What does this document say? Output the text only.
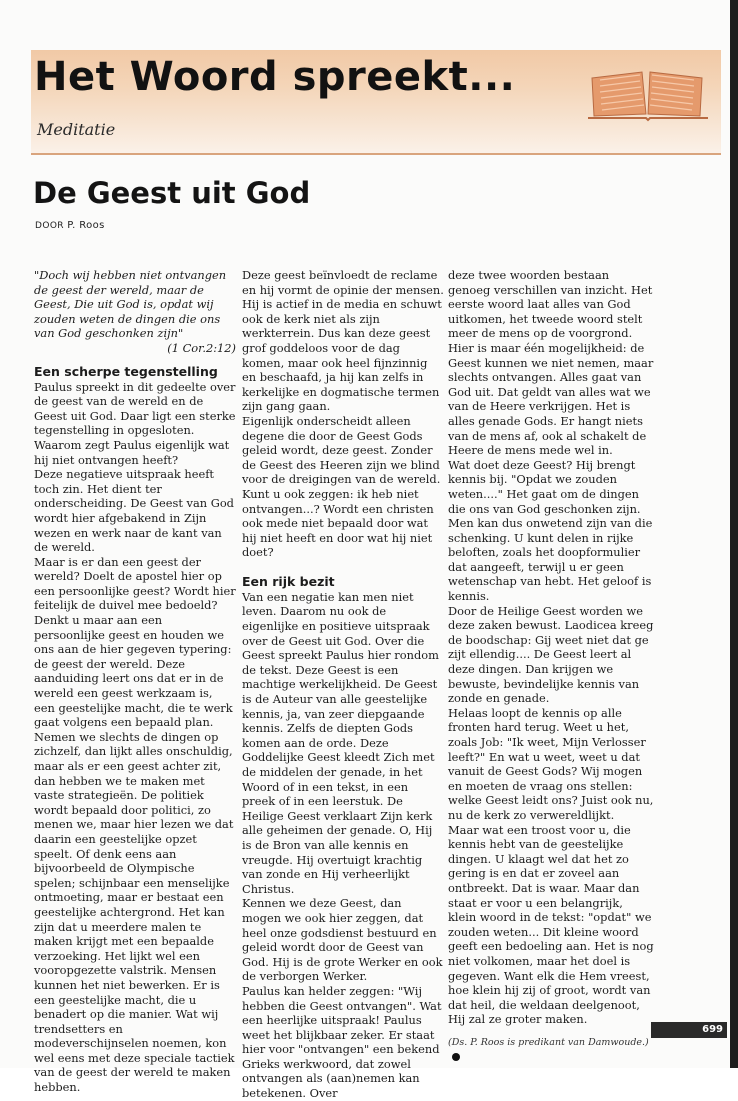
Het Woord spreekt...
Meditatie
De Geest uit God
DOOR P. Roos

"Doch wij hebben niet ontvangen de geest der wereld, maar de Geest, Die uit God is, opdat wij zouden weten de dingen die ons van God geschonken zijn"

(1 Cor.2:12)

Een scherpe tegenstelling

Paulus spreekt in dit gedeelte over de geest van de wereld en de Geest uit God. Daar ligt een sterke tegenstelling in opgesloten. Waarom zegt Paulus eigenlijk wat hij niet ontvangen heeft?

Deze negatieve uitspraak heeft toch zin. Het dient ter onderscheiding. De Geest van God wordt hier afgebakend in Zijn wezen en werk naar de kant van de wereld.

Maar is er dan een geest der wereld? Doelt de apostel hier op een persoonlijke geest? Wordt hier feitelijk de duivel mee bedoeld? Denkt u maar aan een persoonlijke geest en houden we ons aan de hier gegeven typering: de geest der wereld. Deze aanduiding leert ons dat er in de wereld een geest werkzaam is, een geestelijke macht, die te werk gaat volgens een bepaald plan. Nemen we slechts de dingen op zichzelf, dan lijkt alles onschuldig, maar als er een geest achter zit, dan hebben we te maken met vaste strategieën. De politiek wordt bepaald door politici, zo menen we, maar hier lezen we dat daarin een geestelijke opzet speelt. Of denk eens aan bijvoorbeeld de Olympische spelen; schijnbaar een menselijke ontmoeting, maar er bestaat een geestelijke achtergrond. Het kan zijn dat u meerdere malen te maken krijgt met een bepaalde verzoeking. Het lijkt wel een vooropgezette valstrik. Mensen kunnen het niet bewerken. Er is een geestelijke macht, die u benadert op die manier. Wat wij trendsetters en modeverschijnselen noemen, kon wel eens met deze speciale tactiek van de geest der wereld te maken hebben.

Deze geest beïnvloedt de reclame en hij vormt de opinie der mensen. Hij is actief in de media en schuwt ook de kerk niet als zijn werkterrein. Dus kan deze geest grof goddeloos voor de dag komen, maar ook heel fijnzinnig en beschaafd, ja hij kan zelfs in kerkelijke en dogmatische termen zijn gang gaan.

Eigenlijk onderscheidt alleen degene die door de Geest Gods geleid wordt, deze geest. Zonder de Geest des Heeren zijn we blind voor de dreigingen van de wereld.

Kunt u ook zeggen: ik heb niet ontvangen...? Wordt een christen ook mede niet bepaald door wat hij niet heeft en door wat hij niet doet?

Een rijk bezit

Van een negatie kan men niet leven. Daarom nu ook de eigenlijke en positieve uitspraak over de Geest uit God. Over die Geest spreekt Paulus hier rondom de tekst. Deze Geest is een machtige werkelijkheid. De Geest is de Auteur van alle geestelijke kennis, ja, van zeer diepgaande kennis. Zelfs de diepten Gods komen aan de orde. Deze Goddelijke Geest kleedt Zich met de middelen der genade, in het Woord of in een tekst, in een preek of in een leerstuk. De Heilige Geest verklaart Zijn kerk alle geheimen der genade. O, Hij is de Bron van alle kennis en vreugde. Hij overtuigt krachtig van zonde en Hij verheerlijkt Christus.

Kennen we deze Geest, dan mogen we ook hier zeggen, dat heel onze godsdienst bestuurd en geleid wordt door de Geest van God. Hij is de grote Werker en ook de verborgen Werker.

Paulus kan helder zeggen: "Wij hebben die Geest ontvangen". Wat een heerlijke uitspraak! Paulus weet het blijkbaar zeker. Er staat hier voor "ontvangen" een bekend Grieks werkwoord, dat zowel ontvangen als (aan)nemen kan betekenen. Over

deze twee woorden bestaan genoeg verschillen van inzicht. Het eerste woord laat alles van God uitkomen, het tweede woord stelt meer de mens op de voorgrond. Hier is maar één mogelijkheid: de Geest kunnen we niet nemen, maar slechts ontvangen. Alles gaat van God uit. Dat geldt van alles wat we van de Heere verkrijgen. Het is alles genade Gods. Er hangt niets van de mens af, ook al schakelt de Heere de mens mede wel in.

Wat doet deze Geest? Hij brengt kennis bij. "Opdat we zouden weten...." Het gaat om de dingen die ons van God geschonken zijn. Men kan dus onwetend zijn van die schenking. U kunt delen in rijke beloften, zoals het doopformulier dat aangeeft, terwijl u er geen wetenschap van hebt. Het geloof is kennis.

Door de Heilige Geest worden we deze zaken bewust. Laodicea kreeg de boodschap: Gij weet niet dat ge zijt ellendig.... De Geest leert al deze dingen. Dan krijgen we bewuste, bevindelijke kennis van zonde en genade.

Helaas loopt de kennis op alle fronten hard terug. Weet u het, zoals Job: "Ik weet, Mijn Verlosser leeft?" En wat u weet, weet u dat vanuit de Geest Gods? Wij mogen en moeten de vraag ons stellen: welke Geest leidt ons? Juist ook nu, nu de kerk zo verwereldlijkt.

Maar wat een troost voor u, die kennis hebt van de geestelijke dingen. U klaagt wel dat het zo gering is en dat er zoveel aan ontbreekt. Dat is waar. Maar dan staat er voor u een belangrijk, klein woord in de tekst: "opdat" we zouden weten... Dit kleine woord geeft een bedoeling aan. Het is nog niet volkomen, maar het doel is gegeven. Want elk die Hem vreest, hoe klein hij zij of groot, wordt van dat heil, die weldaan deelgenoot, Hij zal ze groter maken.

(Ds. P. Roos is predikant van Damwoude.)
699
